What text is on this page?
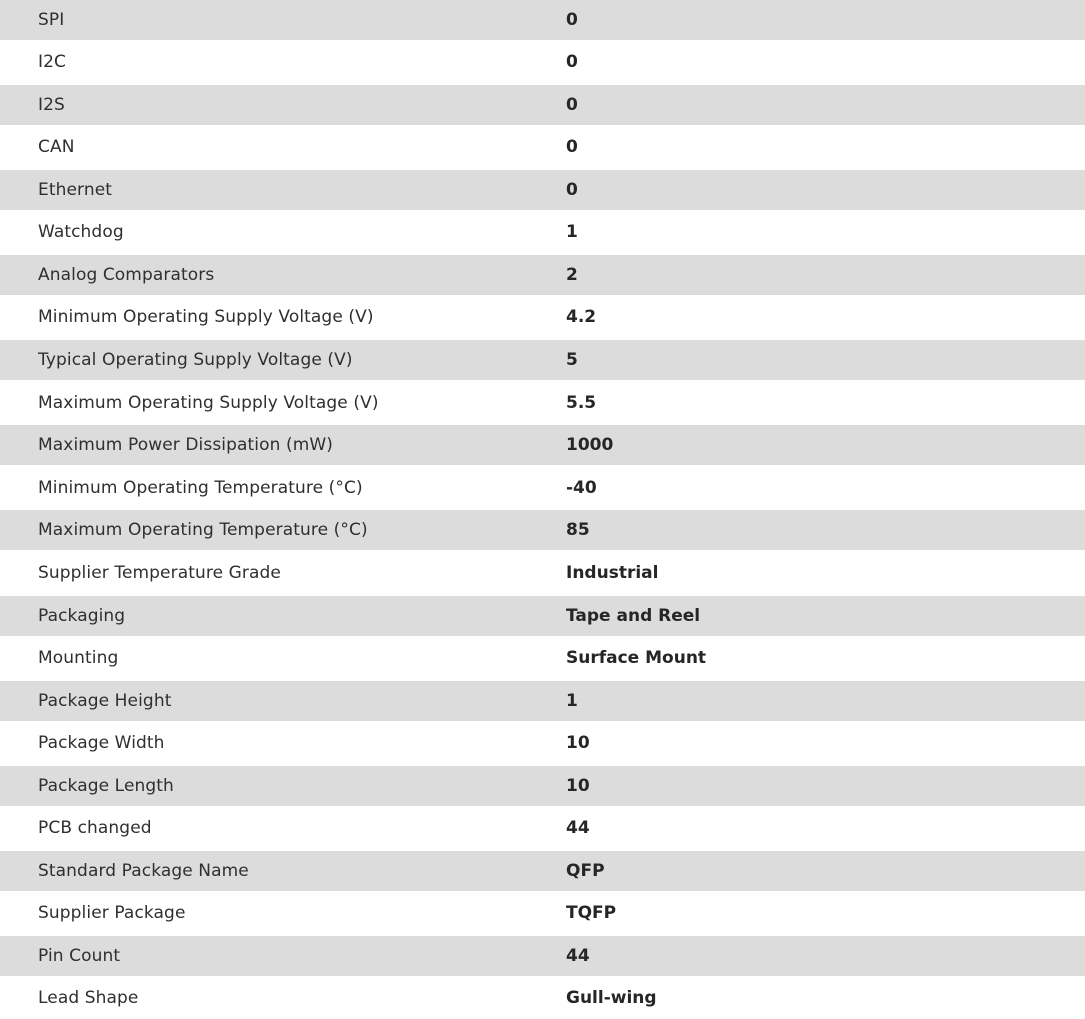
SPI	0
I2C	0
I2S	0
CAN	0
Ethernet	0
Watchdog	1
Analog Comparators	2
Minimum Operating Supply Voltage (V)	4.2
Typical Operating Supply Voltage (V)	5
Maximum Operating Supply Voltage (V)	5.5
Maximum Power Dissipation (mW)	1000
Minimum Operating Temperature (°C)	-40
Maximum Operating Temperature (°C)	85
Supplier Temperature Grade	Industrial
Packaging	Tape and Reel
Mounting	Surface Mount
Package Height	1
Package Width	10
Package Length	10
PCB changed	44
Standard Package Name	QFP
Supplier Package	TQFP
Pin Count	44
Lead Shape	Gull-wing
